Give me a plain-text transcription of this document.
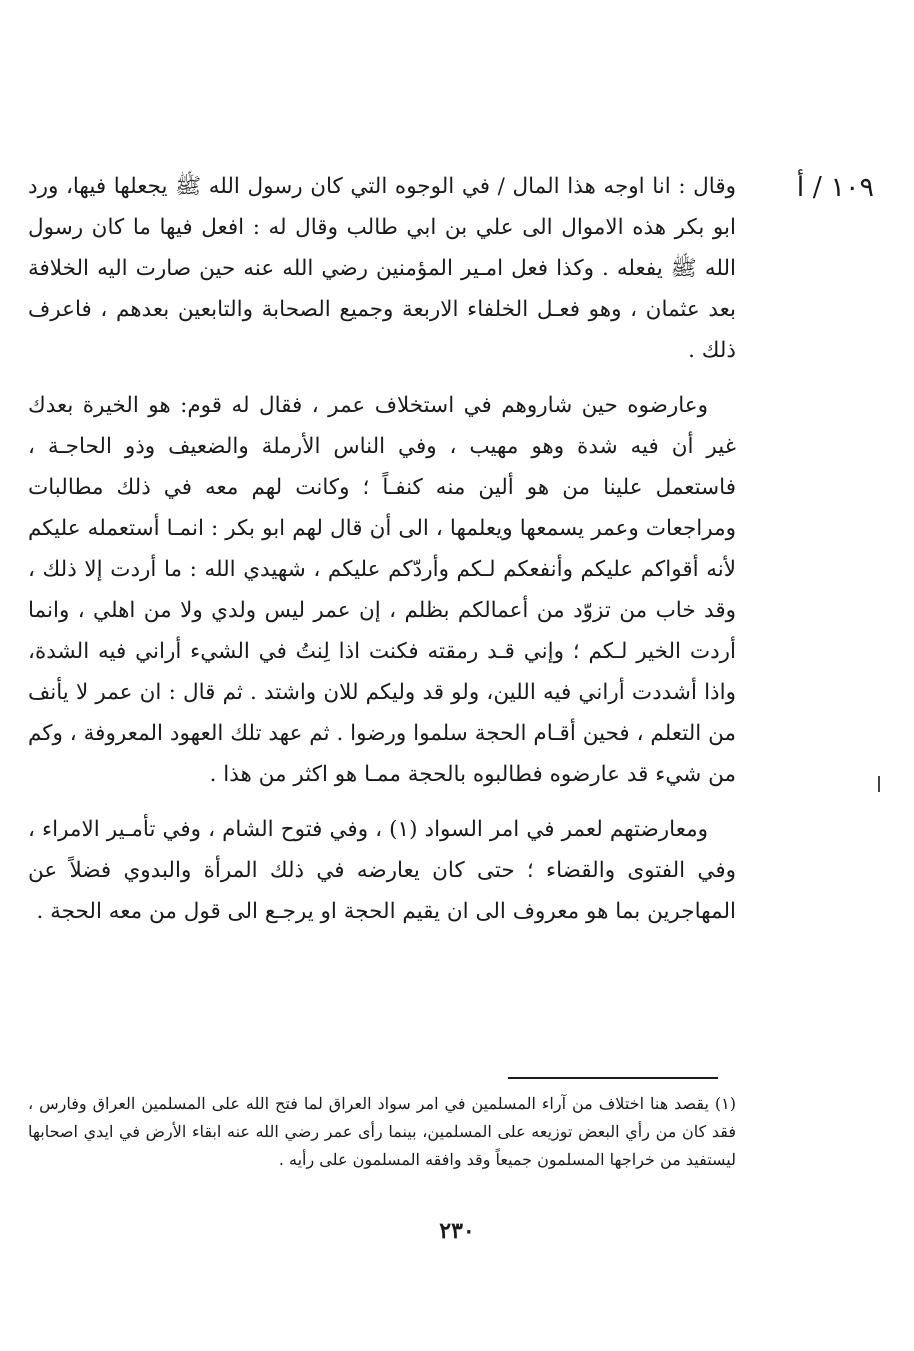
١٠٩ / أ

وقال : انا اوجه هذا المال / في الوجوه التي كان رسول الله ﷺ يجعلها فيها، ورد ابو بكر هذه الاموال الى علي بن ابي طالب وقال له : افعل فيها ما كان رسول الله ﷺ يفعله . وكذا فعل امـير المؤمنين رضي الله عنه حين صارت اليه الخلافة بعد عثمان ، وهو فعـل الخلفاء الاربعة وجميع الصحابة والتابعين بعدهم ، فاعرف ذلك .

وعارضوه حين شاروهم في استخلاف عمر ، فقال له قوم: هو الخيرة بعدك غير أن فيه شدة وهو مهيب ، وفي الناس الأرملة والضعيف وذو الحاجـة ، فاستعمل علينا من هو ألين منه كنفـاً ؛ وكانت لهم معه في ذلك مطالبات ومراجعات وعمر يسمعها ويعلمها ، الى أن قال لهم ابو بكر : انمـا أستعمله عليكم لأنه أقواكم عليكم وأنفعكم لـكم وأردّكم عليكم ، شهيدي الله : ما أردت إلا ذلك ، وقد خاب من تزوّد من أعمالكم بظلم ، إن عمر ليس ولدي ولا من اهلي ، وانما أردت الخير لـكم ؛ وإني قـد رمقته فكنت اذا لِنتُ في الشيء أراني فيه الشدة، واذا أشددت أراني فيه اللين، ولو قد وليكم للان واشتد . ثم قال : ان عمر لا يأنف من التعلم ، فحين أقـام الحجة سلموا ورضوا . ثم عهد تلك العهود المعروفة ، وكم من شيء قد عارضوه فطالبوه بالحجة ممـا هو اكثر من هذا .

ومعارضتهم لعمر في امر السواد (١) ، وفي فتوح الشام ، وفي تأمـير الامراء ، وفي الفتوى والقضاء ؛ حتى كان يعارضه في ذلك المرأة والبدوي فضلاً عن المهاجرين بما هو معروف الى ان يقيم الحجة او يرجـع الى قول من معه الحجة .

(١) يقصد هنا اختلاف من آراء المسلمين في امر سواد العراق لما فتح الله على المسلمين العراق وفارس ، فقد كان من رأي البعض توزيعه على المسلمين، بينما رأى عمر رضي الله عنه ابقاء الأرض في ايدي اصحابها ليستفيد من خراجها المسلمون جميعاً وقد وافقه المسلمون على رأيه .
٢٣٠
